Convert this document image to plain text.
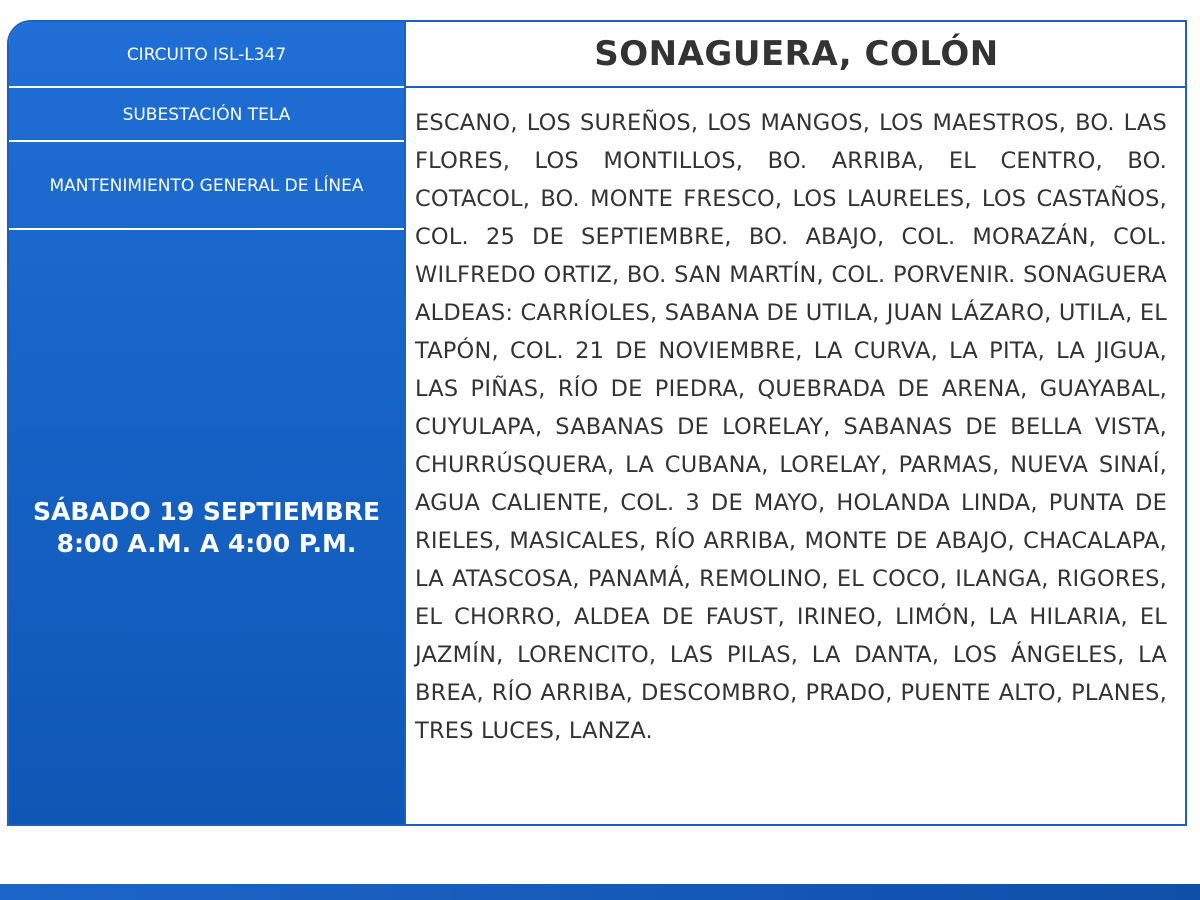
CIRCUITO ISL-L347
SUBESTACIÓN TELA
MANTENIMIENTO GENERAL DE LÍNEA
SÁBADO 19 SEPTIEMBRE
8:00 A.M. A 4:00 P.M.
SONAGUERA, COLÓN
ESCANO, LOS SUREÑOS, LOS MANGOS, LOS MAESTROS, BO. LAS FLORES, LOS MONTILLOS, BO. ARRIBA, EL CENTRO, BO. COTACOL, BO. MONTE FRESCO, LOS LAURELES, LOS CASTAÑOS, COL. 25 DE SEPTIEMBRE, BO. ABAJO, COL. MORAZÁN, COL. WILFREDO ORTIZ, BO. SAN MARTÍN, COL. PORVENIR. SONAGUERA ALDEAS: CARRÍOLES, SABANA DE UTILA, JUAN LÁZARO, UTILA, EL TAPÓN, COL. 21 DE NOVIEMBRE, LA CURVA, LA PITA, LA JIGUA, LAS PIÑAS, RÍO DE PIEDRA, QUEBRADA DE ARENA, GUAYABAL, CUYULAPA, SABANAS DE LORELAY, SABANAS DE BELLA VISTA, CHURRÚSQUERA, LA CUBANA, LORELAY, PARMAS, NUEVA SINAÍ, AGUA CALIENTE, COL. 3 DE MAYO, HOLANDA LINDA, PUNTA DE RIELES, MASICALES, RÍO ARRIBA, MONTE DE ABAJO, CHACALAPA, LA ATASCOSA, PANAMÁ, REMOLINO, EL COCO, ILANGA, RIGORES, EL CHORRO, ALDEA DE FAUST, IRINEO, LIMÓN, LA HILARIA, EL JAZMÍN, LORENCITO, LAS PILAS, LA DANTA, LOS ÁNGELES, LA BREA, RÍO ARRIBA, DESCOMBRO, PRADO, PUENTE ALTO, PLANES, TRES LUCES, LANZA.
